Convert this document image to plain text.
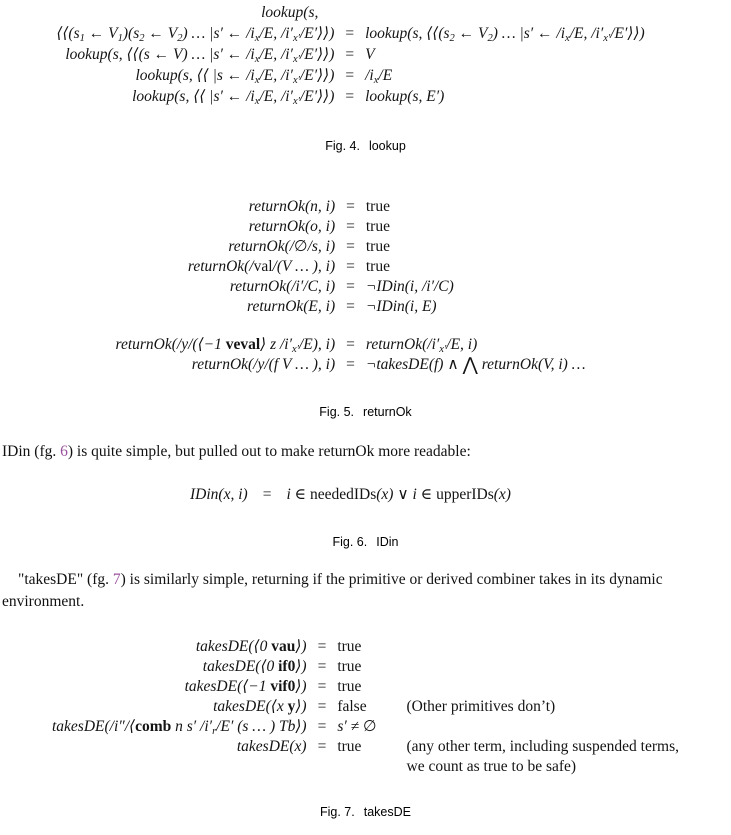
lookup(s,
$⟨⟨(s_1$ ← $V_1)(s_2$ ← $V_2$) … |s′ ← $/i_x/E$, $/i'_{x'}/E'⟩⟩$) = lookup(s, $⟨⟨(s_2$ ← $V_2$) … |s′ ← $/i_x/E$, $/i'_{x'}/E'⟩⟩$)
lookup(s, ⟨⟨(s ← V) … |s′ ← $/i_x/E$, $/i'_{x'}/E'⟩⟩) = V$
lookup(s, ⟨⟨ |s ← $/i_x/E$, $/i'_{x'}/E'⟩⟩) = /i_x/E$
lookup(s, ⟨⟨ |s′ ← $/i_x/E$, $/i'_{x'}/E'⟩⟩$) = lookup(s, E′)
Fig. 4. lookup
returnOk(n, i) = true
returnOk(o, i) = true
returnOk(/∅/s, i) = true
returnOk(/val/(V … ), i) = true
returnOk(/i′/C, i) = ¬IDin(i, /i′/C)
returnOk(E, i) = ¬IDin(i, E)
returnOk(/y/(⟨−1 veval⟩ z $/i'_{x'}/E$), $i) = returnOk(/i'_{x'}/E$, i)
returnOk(/y/(f V … ), i) = ¬takesDE(f) ∧ ⋀ returnOk(V, i) …
Fig. 5. returnOk

IDin (fg. 6) is quite simple, but pulled out to make returnOk more readable:

IDin(x, i) = i ∈ neededIDs(x) ∨ i ∈ upperIDs(x)
Fig. 6. IDin

"takesDE" (fg. 7) is similarly simple, returning if the primitive or derived combiner takes in its dynamic environment.

takesDE(⟨0 vau⟩) = true
takesDE(⟨0 if0⟩) = true
takesDE(⟨−1 vif0⟩) = true
takesDE(⟨x y⟩) = false	(Other primitives don’t)
takesDE(/i″/⟨comb n s′ $/i'_r/E'$ (s … ) Tb⟩) = s′ ≠ ∅
takesDE(x) = true	(any other term, including suspended terms,
we count as true to be safe)
Fig. 7. takesDE
